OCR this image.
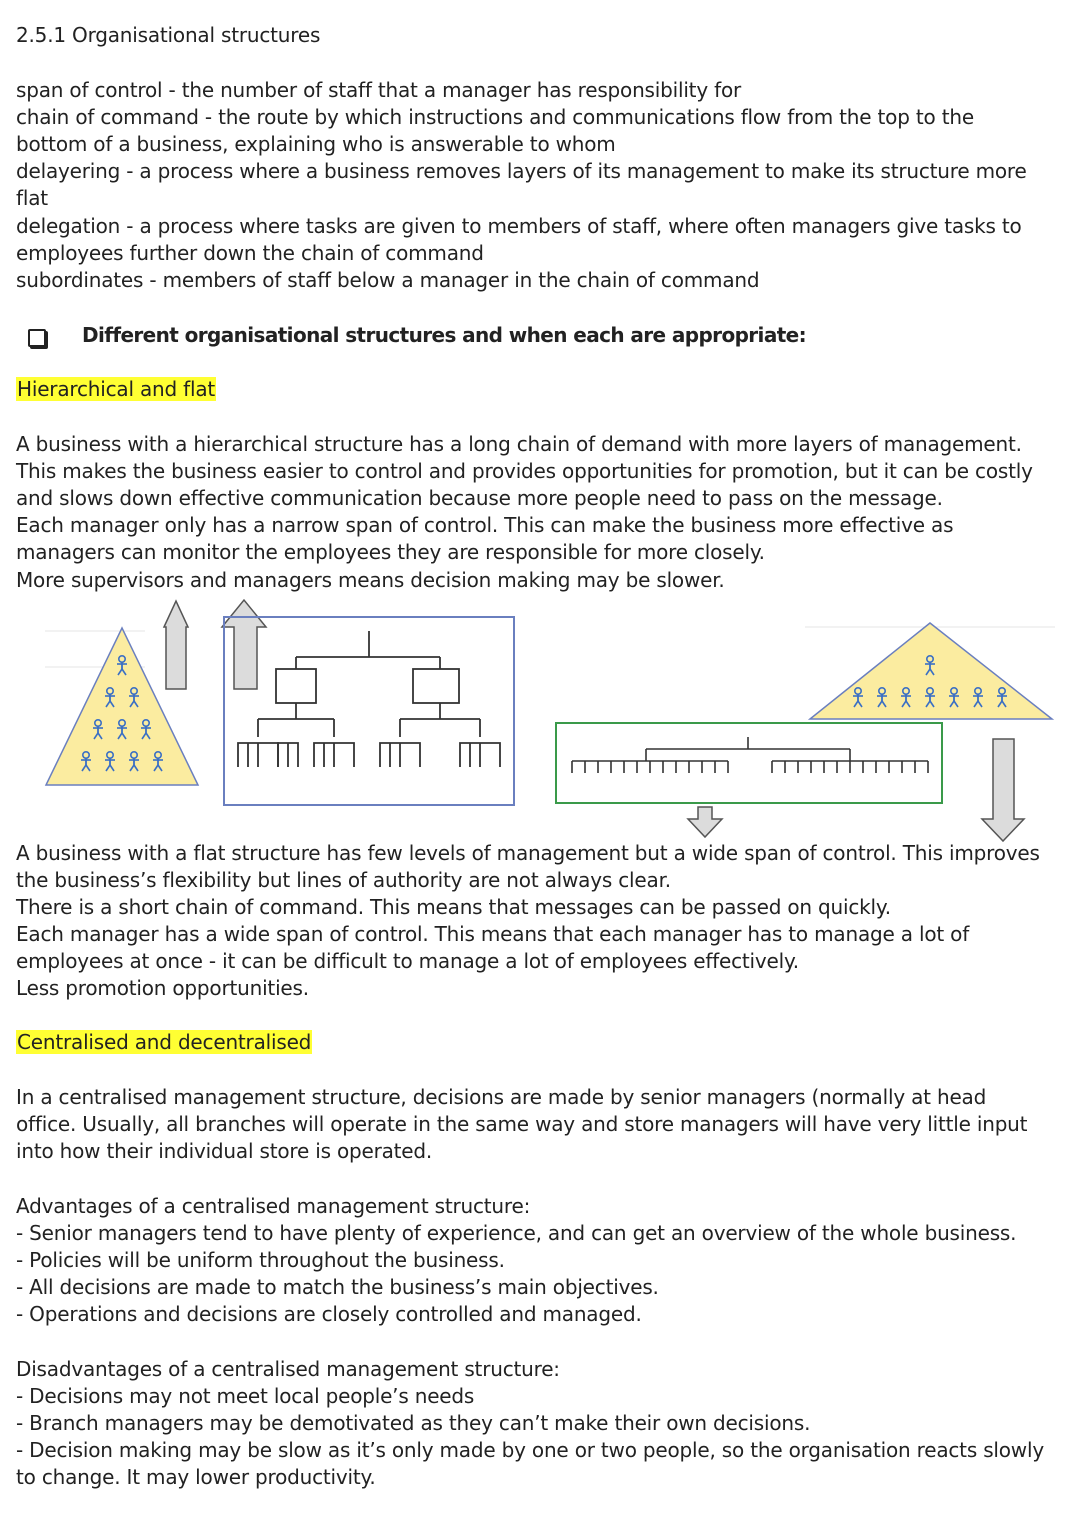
2.5.1 Organisational structures
span of control - the number of staff that a manager has responsibility for
chain of command - the route by which instructions and communications flow from the top to the
bottom of a business, explaining who is answerable to whom
delayering - a process where a business removes layers of its management to make its structure more
flat
delegation - a process where tasks are given to members of staff, where often managers give tasks to
employees further down the chain of command
subordinates - members of staff below a manager in the chain of command
Different organisational structures and when each are appropriate:
Hierarchical and flat
A business with a hierarchical structure has a long chain of demand with more layers of management.
This makes the business easier to control and provides opportunities for promotion, but it can be costly
and slows down effective communication because more people need to pass on the message.
Each manager only has a narrow span of control. This can make the business more effective as
managers can monitor the employees they are responsible for more closely.
More supervisors and managers means decision making may be slower.
A business with a flat structure has few levels of management but a wide span of control. This improves
the business’s flexibility but lines of authority are not always clear.
There is a short chain of command. This means that messages can be passed on quickly.
Each manager has a wide span of control. This means that each manager has to manage a lot of
employees at once - it can be difficult to manage a lot of employees effectively.
Less promotion opportunities.
Centralised and decentralised
In a centralised management structure, decisions are made by senior managers (normally at head
office. Usually, all branches will operate in the same way and store managers will have very little input
into how their individual store is operated.
Advantages of a centralised management structure:
- Senior managers tend to have plenty of experience, and can get an overview of the whole business.
- Policies will be uniform throughout the business.
- All decisions are made to match the business’s main objectives.
- Operations and decisions are closely controlled and managed.
Disadvantages of a centralised management structure:
- Decisions may not meet local people’s needs
- Branch managers may be demotivated as they can’t make their own decisions.
- Decision making may be slow as it’s only made by one or two people, so the organisation reacts slowly
to change. It may lower productivity.
